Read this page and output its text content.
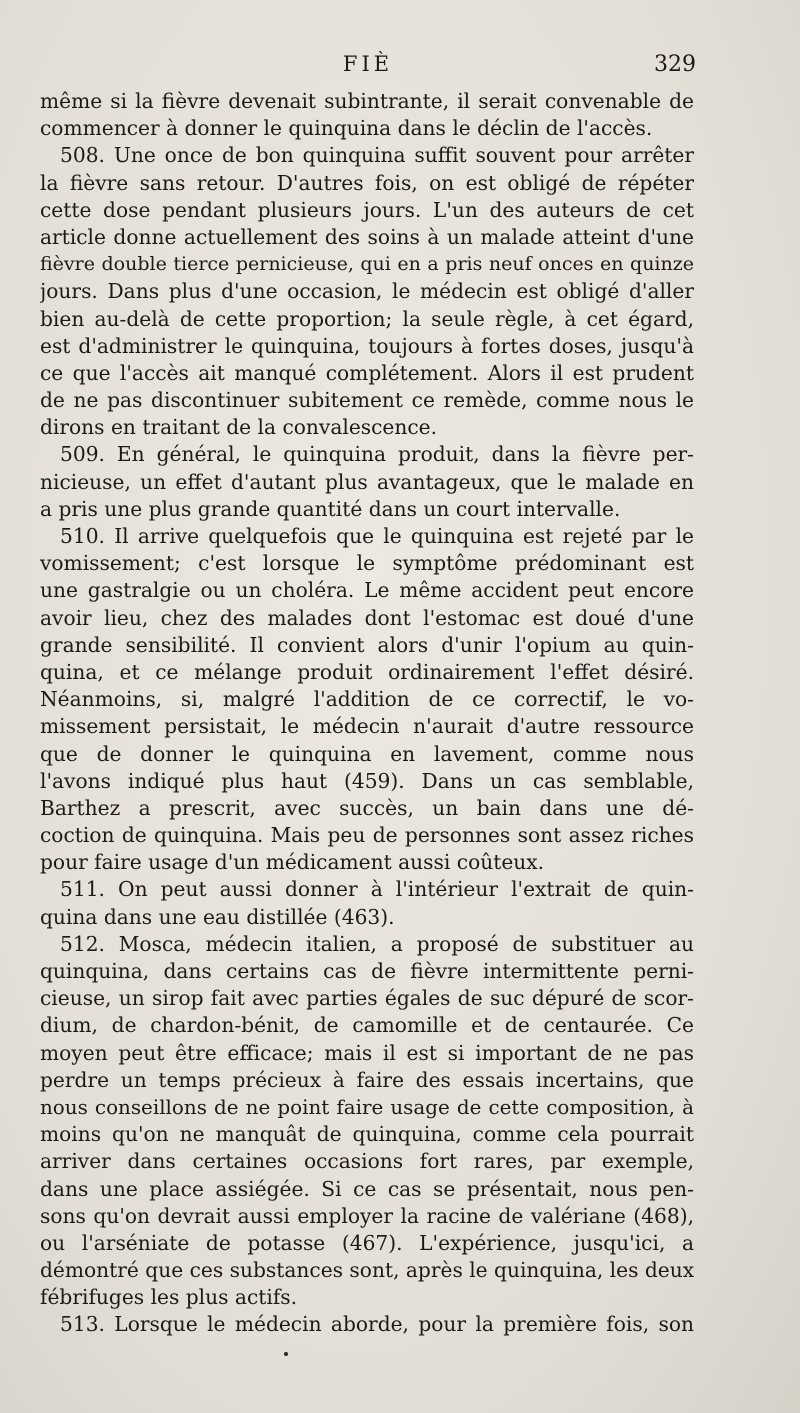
FIÈ	329
même si la fièvre devenait subintrante, il serait convenable de
commencer à donner le quinquina dans le déclin de l'accès.
508. Une once de bon quinquina suffit souvent pour arrêter
la fièvre sans retour. D'autres fois, on est obligé de répéter
cette dose pendant plusieurs jours. L'un des auteurs de cet
article donne actuellement des soins à un malade atteint d'une
fièvre double tierce pernicieuse, qui en a pris neuf onces en quinze
jours. Dans plus d'une occasion, le médecin est obligé d'aller
bien au-delà de cette proportion; la seule règle, à cet égard,
est d'administrer le quinquina, toujours à fortes doses, jusqu'à
ce que l'accès ait manqué complétement. Alors il est prudent
de ne pas discontinuer subitement ce remède, comme nous le
dirons en traitant de la convalescence.
509. En général, le quinquina produit, dans la fièvre per-
nicieuse, un effet d'autant plus avantageux, que le malade en
a pris une plus grande quantité dans un court intervalle.
510. Il arrive quelquefois que le quinquina est rejeté par le
vomissement; c'est lorsque le symptôme prédominant est
une gastralgie ou un choléra. Le même accident peut encore
avoir lieu, chez des malades dont l'estomac est doué d'une
grande sensibilité. Il convient alors d'unir l'opium au quin-
quina, et ce mélange produit ordinairement l'effet désiré.
Néanmoins, si, malgré l'addition de ce correctif, le vo-
missement persistait, le médecin n'aurait d'autre ressource
que de donner le quinquina en lavement, comme nous
l'avons indiqué plus haut (459). Dans un cas semblable,
Barthez a prescrit, avec succès, un bain dans une dé-
coction de quinquina. Mais peu de personnes sont assez riches
pour faire usage d'un médicament aussi coûteux.
511. On peut aussi donner à l'intérieur l'extrait de quin-
quina dans une eau distillée (463).
512. Mosca, médecin italien, a proposé de substituer au
quinquina, dans certains cas de fièvre intermittente perni-
cieuse, un sirop fait avec parties égales de suc dépuré de scor-
dium, de chardon-bénit, de camomille et de centaurée. Ce
moyen peut être efficace; mais il est si important de ne pas
perdre un temps précieux à faire des essais incertains, que
nous conseillons de ne point faire usage de cette composition, à
moins qu'on ne manquât de quinquina, comme cela pourrait
arriver dans certaines occasions fort rares, par exemple,
dans une place assiégée. Si ce cas se présentait, nous pen-
sons qu'on devrait aussi employer la racine de valériane (468),
ou l'arséniate de potasse (467). L'expérience, jusqu'ici, a
démontré que ces substances sont, après le quinquina, les deux
fébrifuges les plus actifs.
513. Lorsque le médecin aborde, pour la première fois, son
